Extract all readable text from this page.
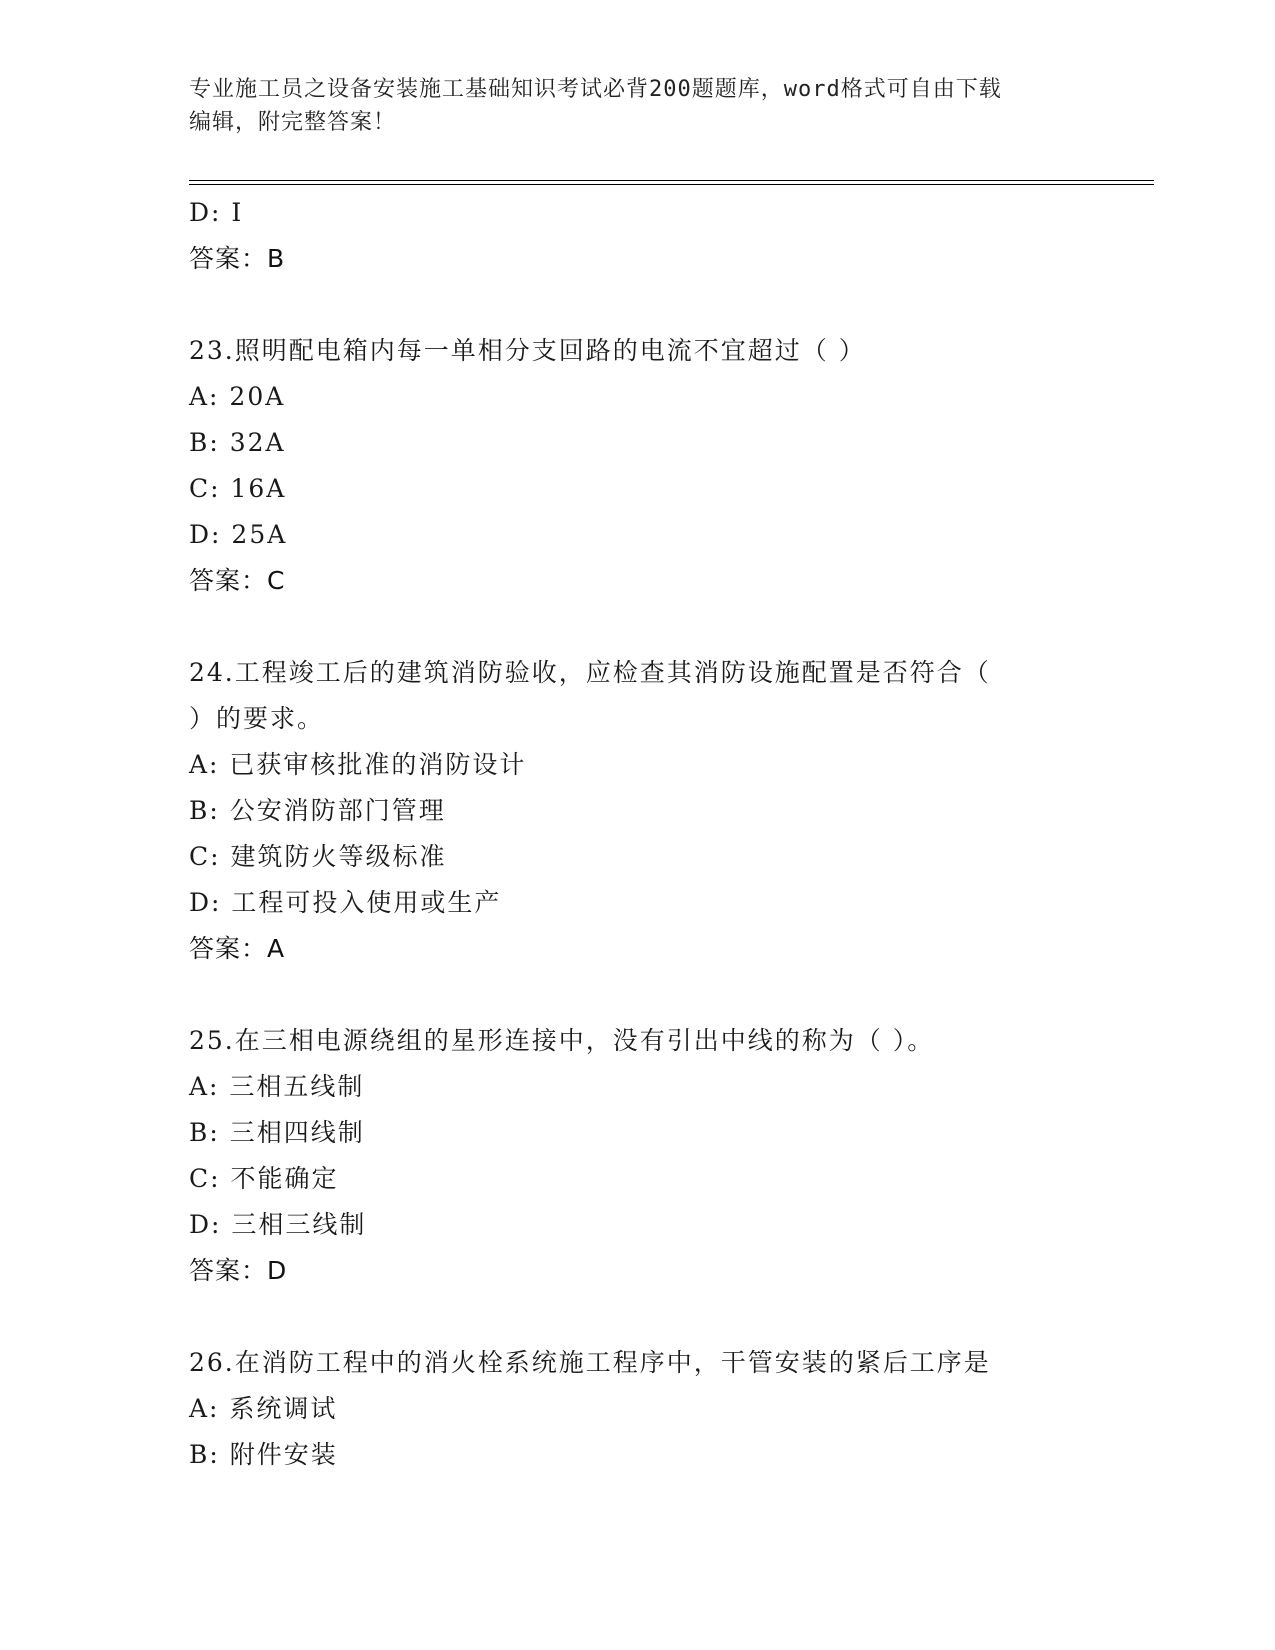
专业施工员之设备安装施工基础知识考试必背200题题库，word格式可自由下载
编辑，附完整答案！
D: I
答案：B
23.照明配电箱内每一单相分支回路的电流不宜超过（ ）
A: 20A
B: 32A
C: 16A
D: 25A
答案：C
24.工程竣工后的建筑消防验收，应检查其消防设施配置是否符合（
）的要求。
A: 已获审核批准的消防设计
B: 公安消防部门管理
C: 建筑防火等级标准
D: 工程可投入使用或生产
答案：A
25.在三相电源绕组的星形连接中，没有引出中线的称为（ ）。
A: 三相五线制
B: 三相四线制
C: 不能确定
D: 三相三线制
答案：D
26.在消防工程中的消火栓系统施工程序中，干管安装的紧后工序是
A: 系统调试
B: 附件安装
